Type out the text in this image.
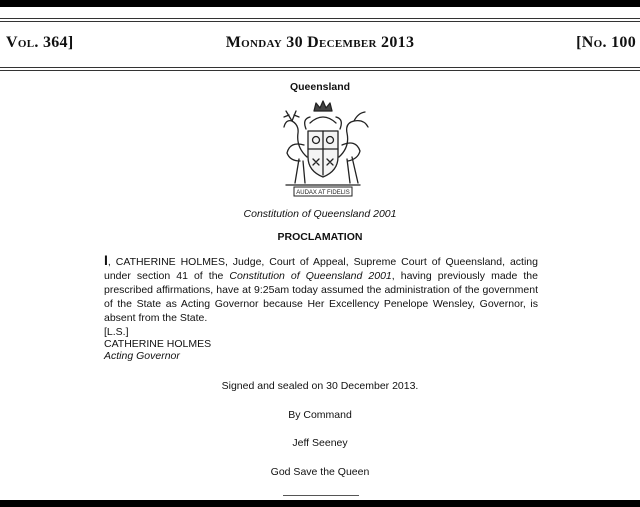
Vol. 364]	Monday 30 December 2013	[No. 100
Queensland
AUDAX AT FIDELIS
Constitution of Queensland 2001
PROCLAMATION
I, CATHERINE HOLMES, Judge, Court of Appeal, Supreme Court of Queensland, acting under section 41 of the Constitution of Queensland 2001, having previously made the prescribed affirmations, have at 9:25am today assumed the administration of the government of the State as Acting Governor because Her Excellency Penelope Wensley, Governor, is absent from the State.
[L.S.]
CATHERINE HOLMES
Acting Governor
Signed and sealed on 30 December 2013.
By Command
Jeff Seeney
God Save the Queen
